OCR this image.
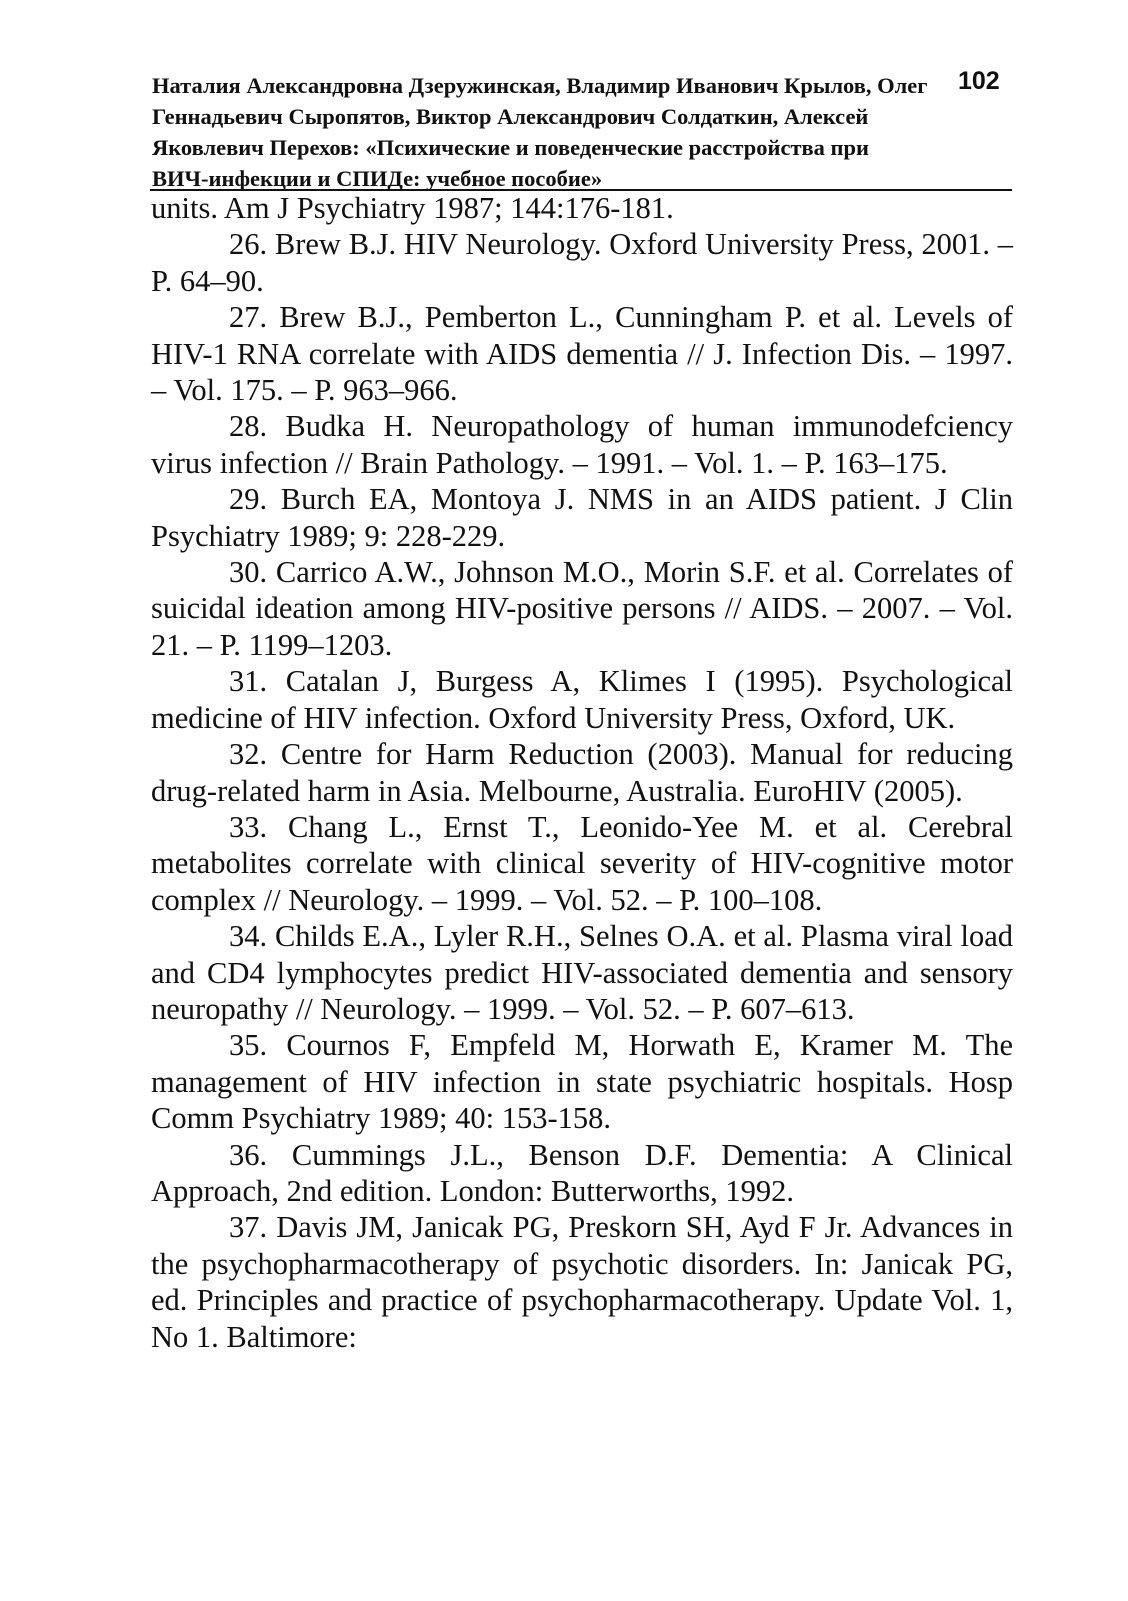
Наталия Александровна Дзеружинская, Владимир Иванович Крылов, Олег
Геннадьевич Сыропятов, Виктор Александрович Солдаткин, Алексей
Яковлевич Перехов: «Психические и поведенческие расстройства при
ВИЧ-инфекции и СПИДе: учебное пособие»
102

units. Am J Psychiatry 1987; 144:176-181.

26. Brew B.J. HIV Neurology. Oxford University Press, 2001. – P. 64–90.

27. Brew B.J., Pemberton L., Cunningham P. et al. Levels of HIV-1 RNA correlate with AIDS dementia // J. Infection Dis. – 1997. – Vol. 175. – P. 963–966.

28. Budka H. Neuropathology of human immunodefciency virus infection // Brain Pathology. – 1991. – Vol. 1. – P. 163–175.

29. Burch EA, Montoya J. NMS in an AIDS patient. J Clin Psychiatry 1989; 9: 228-229.

30. Carrico A.W., Johnson M.O., Morin S.F. et al. Correlates of suicidal ideation among HIV-positive persons // AIDS. – 2007. – Vol. 21. – P. 1199–1203.

31. Catalan J, Burgess A, Klimes I (1995). Psychological medicine of HIV infection. Oxford University Press, Oxford, UK.

32. Centre for Harm Reduction (2003). Manual for reducing drug-related harm in Asia. Melbourne, Australia. EuroHIV (2005).

33. Chang L., Ernst T., Leonido-Yee M. et al. Cerebral metabolites correlate with clinical severity of HIV-cognitive motor complex // Neurology. – 1999. – Vol. 52. – P. 100–108.

34. Childs E.A., Lyler R.H., Selnes O.A. et al. Plasma viral load and CD4 lymphocytes predict HIV-associated dementia and sensory neuropathy // Neurology. – 1999. – Vol. 52. – P. 607–613.

35. Cournos F, Empfeld M, Horwath E, Kramer M. The management of HIV infection in state psychiatric hospitals. Hosp Comm Psychiatry 1989; 40: 153-158.

36. Cummings J.L., Benson D.F. Dementia: A Clinical Approach, 2nd edition. London: Butterworths, 1992.

37. Davis JM, Janicak PG, Preskorn SH, Ayd F Jr. Advances in the psychopharmacotherapy of psychotic disorders. In: Janicak PG, ed. Principles and practice of psychopharmacotherapy. Update Vol. 1, No 1. Baltimore:
